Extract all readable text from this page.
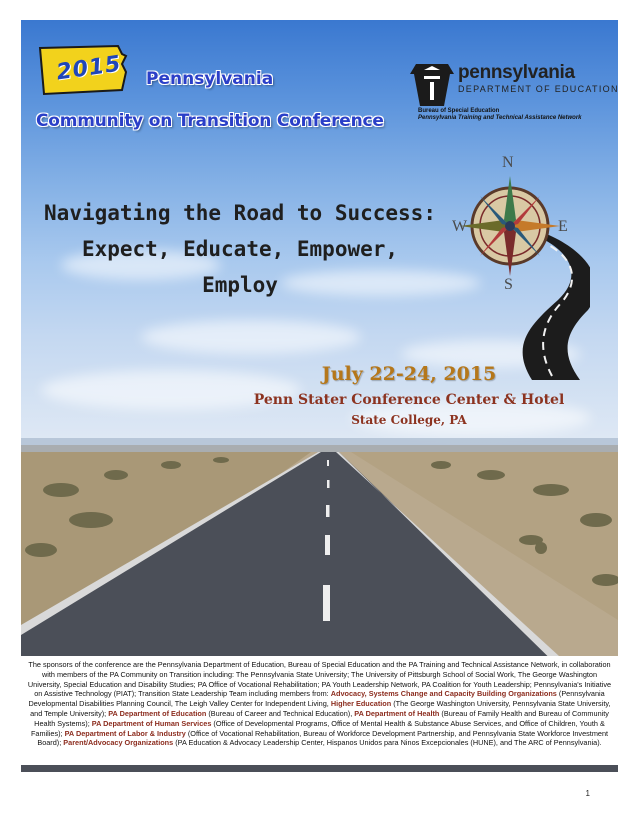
2015 Pennsylvania
Community on Transition Conference
pennsylvania
DEPARTMENT OF EDUCATION
Bureau of Special Education
Pennsylvania Training and Technical Assistance Network
Navigating the Road to Success:
Expect, Educate, Empower,
Employ
N
S
W	E
July 22-24, 2015
Penn Stater Conference Center & Hotel
State College, PA
The sponsors of the conference are the Pennsylvania Department of Education, Bureau of Special Education and the PA Training and Technical Assistance Network, in collaboration with members of the PA Community on Transition including: The Pennsylvania State University; The University of Pittsburgh School of Social Work, The George Washington University, Special Education and Disability Studies; PA Office of Vocational Rehabilitation; PA Youth Leadership Network, PA Coalition for Youth Leadership; Pennsylvania's Initiative on Assistive Technology (PIAT); Transition State Leadership Team including members from: Advocacy, Systems Change and Capacity Building Organizations (Pennsylvania Developmental Disabilities Planning Council, The Leigh Valley Center for Independent Living, Higher Education (The George Washington University, Pennsylvania State University, and Temple University); PA Department of Education (Bureau of Career and Technical Education), PA Department of Health (Bureau of Family Health and Bureau of Community Health Systems); PA Department of Human Services (Office of Developmental Programs, Office of Mental Health & Substance Abuse Services, and Office of Children, Youth & Families); PA Department of Labor & Industry (Office of Vocational Rehabilitation, Bureau of Workforce Development Partnership, and Pennsylvania State Workforce Investment Board); Parent/Advocacy Organizations (PA Education & Advocacy Leadership Center, Hispanos Unidos para Ninos Excepcionales (HUNE), and The ARC of Pennsylvania).
1
